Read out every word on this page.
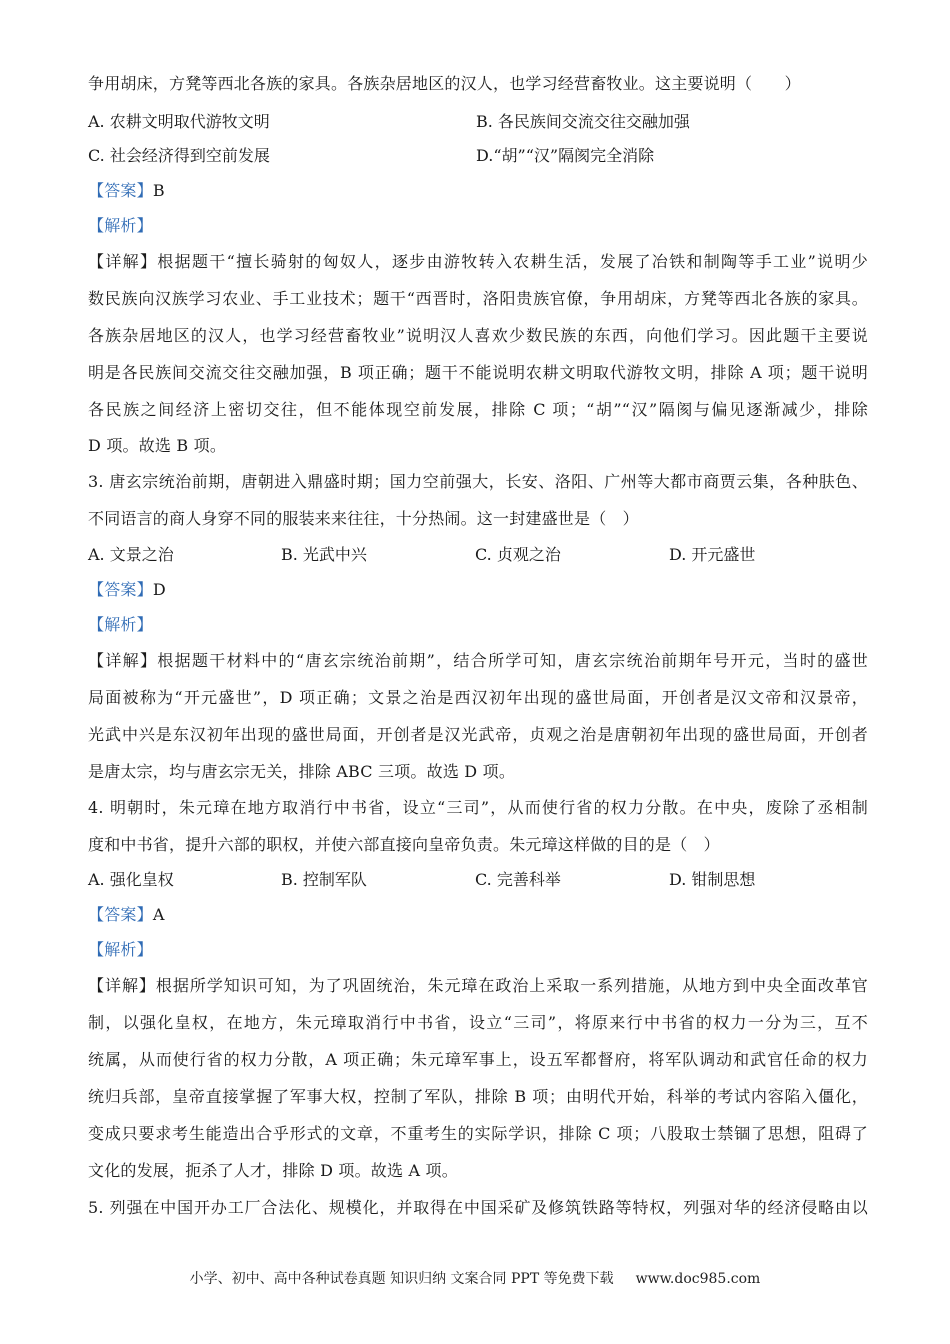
争用胡床，方凳等西北各族的家具。各族杂居地区的汉人，也学习经营畜牧业。这主要说明（　　）
A. 农耕文明取代游牧文明	B. 各民族间交流交往交融加强
C. 社会经济得到空前发展	D.“胡”“汉”隔阂完全消除
【答案】B
【解析】
【详解】根据题干“擅长骑射的匈奴人，逐步由游牧转入农耕生活，发展了冶铁和制陶等手工业”说明少
数民族向汉族学习农业、手工业技术；题干“西晋时，洛阳贵族官僚，争用胡床，方凳等西北各族的家具。
各族杂居地区的汉人，也学习经营畜牧业”说明汉人喜欢少数民族的东西，向他们学习。因此题干主要说
明是各民族间交流交往交融加强，B 项正确；题干不能说明农耕文明取代游牧文明，排除 A 项；题干说明
各民族之间经济上密切交往，但不能体现空前发展，排除 C 项；“胡”“汉”隔阂与偏见逐渐减少，排除
D 项。故选 B 项。
3. 唐玄宗统治前期，唐朝进入鼎盛时期；国力空前强大，长安、洛阳、广州等大都市商贾云集，各种肤色、
不同语言的商人身穿不同的服装来来往往，十分热闹。这一封建盛世是（　）
A. 文景之治	B. 光武中兴	C. 贞观之治	D. 开元盛世
【答案】D
【解析】
【详解】根据题干材料中的“唐玄宗统治前期”，结合所学可知，唐玄宗统治前期年号开元，当时的盛世
局面被称为“开元盛世”，D 项正确；文景之治是西汉初年出现的盛世局面，开创者是汉文帝和汉景帝，
光武中兴是东汉初年出现的盛世局面，开创者是汉光武帝，贞观之治是唐朝初年出现的盛世局面，开创者
是唐太宗，均与唐玄宗无关，排除 ABC 三项。故选 D 项。
4. 明朝时，朱元璋在地方取消行中书省，设立“三司”，从而使行省的权力分散。在中央，废除了丞相制
度和中书省，提升六部的职权，并使六部直接向皇帝负责。朱元璋这样做的目的是（　）
A. 强化皇权	B. 控制军队	C. 完善科举	D. 钳制思想
【答案】A
【解析】
【详解】根据所学知识可知，为了巩固统治，朱元璋在政治上采取一系列措施，从地方到中央全面改革官
制，以强化皇权，在地方，朱元璋取消行中书省，设立“三司”，将原来行中书省的权力一分为三，互不
统属，从而使行省的权力分散，A 项正确；朱元璋军事上，设五军都督府，将军队调动和武官任命的权力
统归兵部，皇帝直接掌握了军事大权，控制了军队，排除 B 项；由明代开始，科举的考试内容陷入僵化，
变成只要求考生能造出合乎形式的文章，不重考生的实际学识，排除 C 项；八股取士禁锢了思想，阻碍了
文化的发展，扼杀了人才，排除 D 项。故选 A 项。
5. 列强在中国开办工厂合法化、规模化，并取得在中国采矿及修筑铁路等特权，列强对华的经济侵略由以
小学、初中、高中各种试卷真题 知识归纳 文案合同 PPT 等免费下载 www.doc985.com
